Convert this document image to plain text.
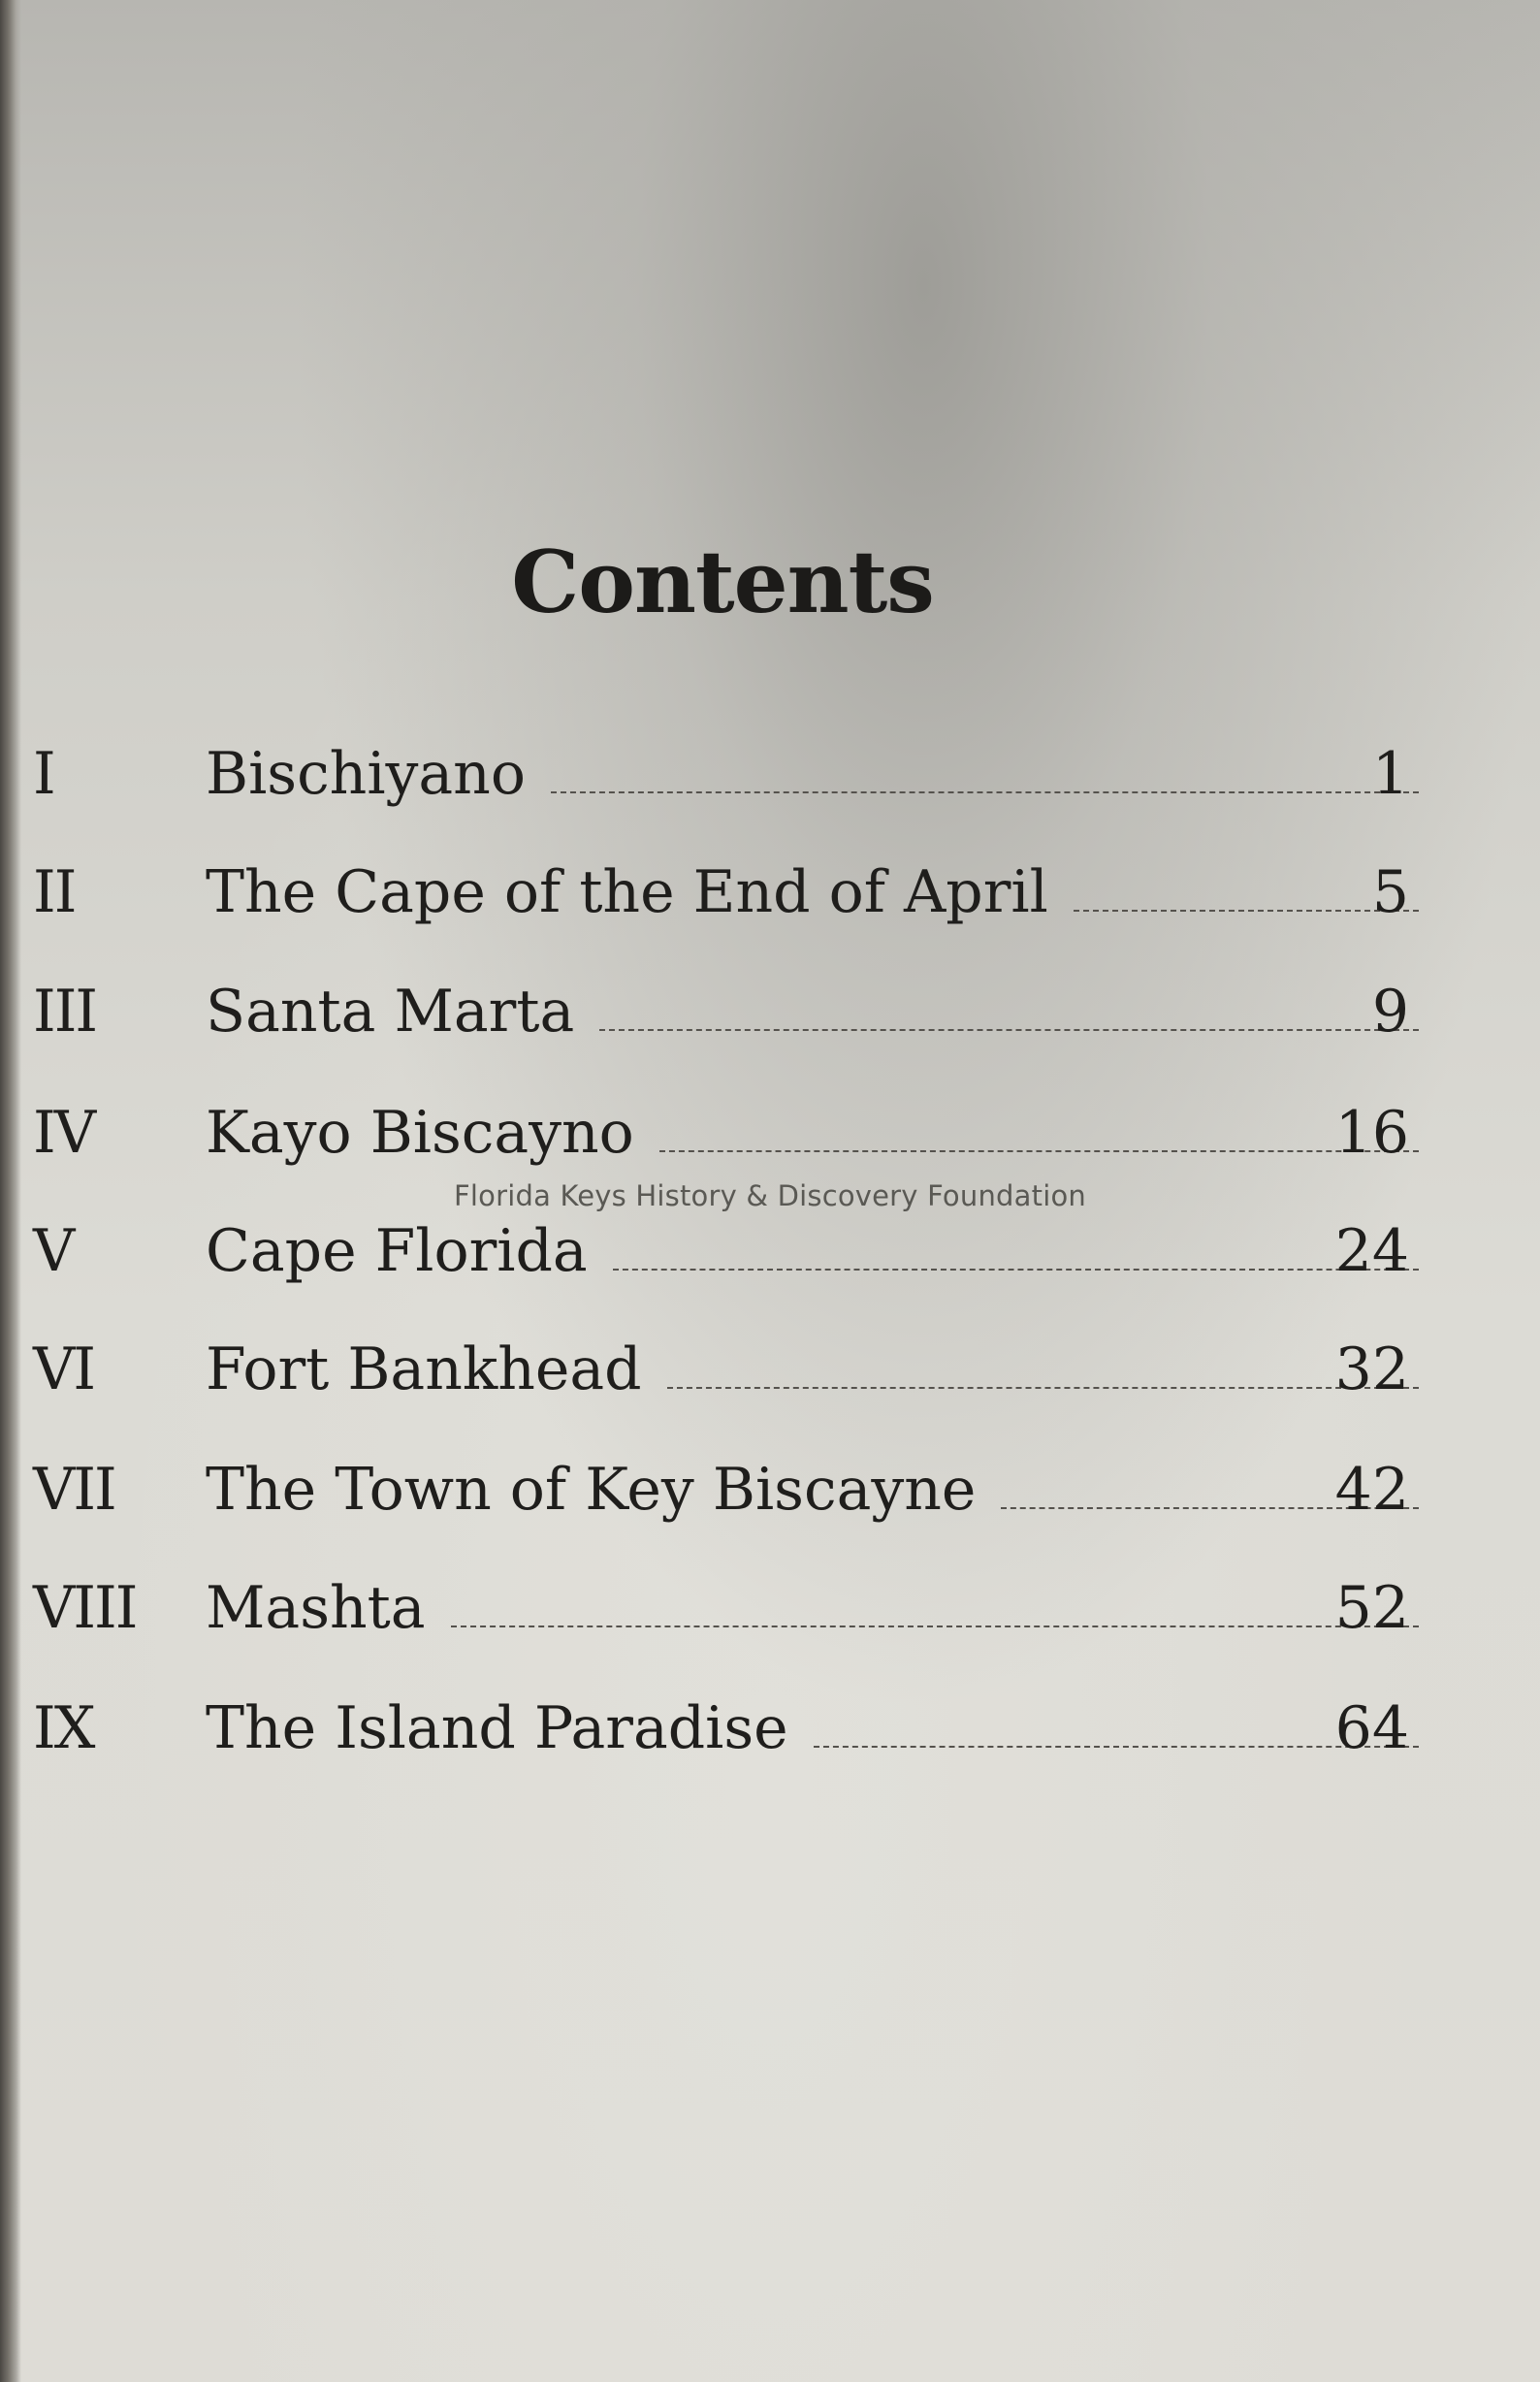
Contents
I	Bischiyano	1
II The Cape of the End of April	5
III Santa Marta	9
IV Kayo Biscayno	16
V Cape Florida	24
VI Fort Bankhead	32
VII The Town of Key Biscayne	42
VIII Mashta	52
IX The Island Paradise	64
Florida Keys History & Discovery Foundation
